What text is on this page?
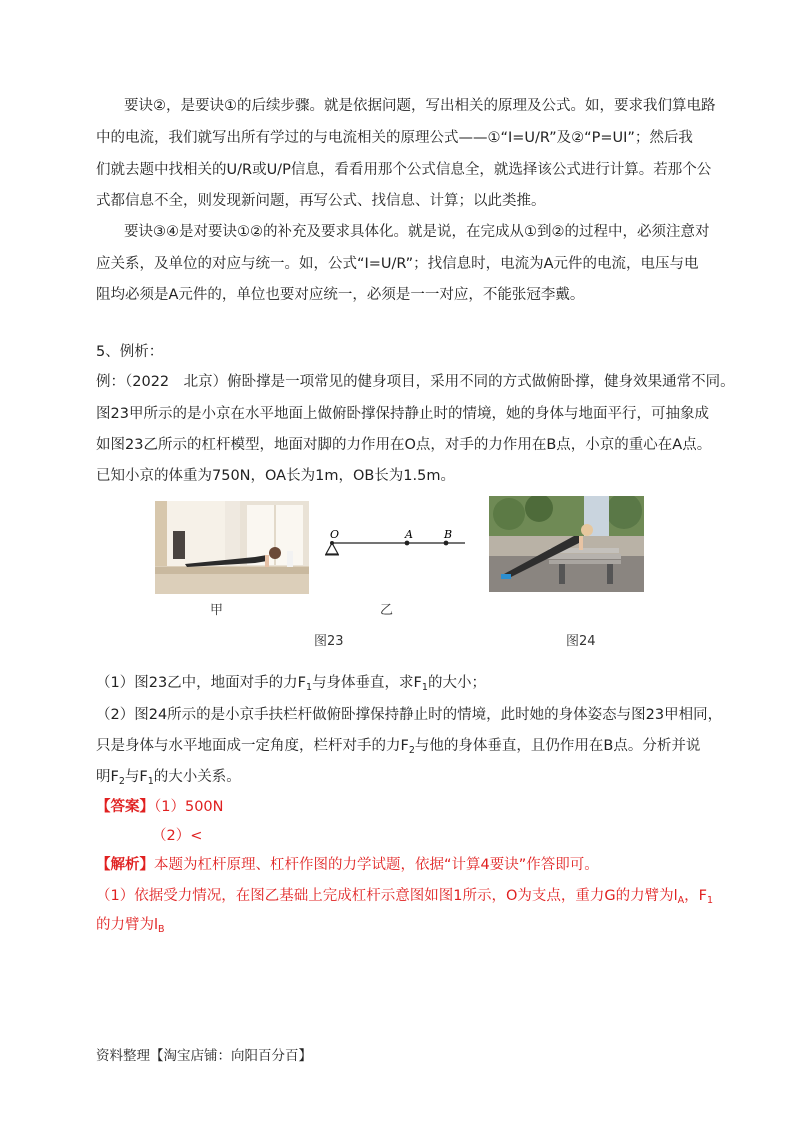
要诀②，是要诀①的后续步骤。就是依据问题，写出相关的原理及公式。如，要求我们算电路
中的电流，我们就写出所有学过的与电流相关的原理公式——①“I=U/R”及②“P=UI”；然后我
们就去题中找相关的U/R或U/P信息，看看用那个公式信息全，就选择该公式进行计算。若那个公
式都信息不全，则发现新问题，再写公式、找信息、计算；以此类推。
要诀③④是对要诀①②的补充及要求具体化。就是说，在完成从①到②的过程中，必须注意对
应关系，及单位的对应与统一。如，公式“I=U/R”；找信息时，电流为A元件的电流，电压与电
阻均必须是A元件的，单位也要对应统一，必须是一一对应，不能张冠李戴。
5、例析：
例：（2022　北京）俯卧撑是一项常见的健身项目，采用不同的方式做俯卧撑，健身效果通常不同。
图23甲所示的是小京在水平地面上做俯卧撑保持静止时的情境，她的身体与地面平行，可抽象成
如图23乙所示的杠杆模型，地面对脚的力作用在O点，对手的力作用在B点，小京的重心在A点。
已知小京的体重为750N，OA长为1m，OB长为1.5m。
甲
O	A	B
乙
图23	图24
（1）图23乙中，地面对手的力$F_1$与身体垂直，求$F_1$的大小；
（2）图24所示的是小京手扶栏杆做俯卧撑保持静止时的情境，此时她的身体姿态与图23甲相同，
只是身体与水平地面成一定角度，栏杆对手的力$F_2$与他的身体垂直，且仍作用在B点。分析并说
明$F_2$与$F_1$的大小关系。
【答案】（1）500N
（2）<
【解析】本题为杠杆原理、杠杆作图的力学试题，依据“计算4要诀”作答即可。
（1）依据受力情况，在图乙基础上完成杠杆示意图如图1所示，O为支点，重力G的力臂为$l_A$，$F_1$
的力臂为$l_B$
资料整理【淘宝店铺：向阳百分百】
